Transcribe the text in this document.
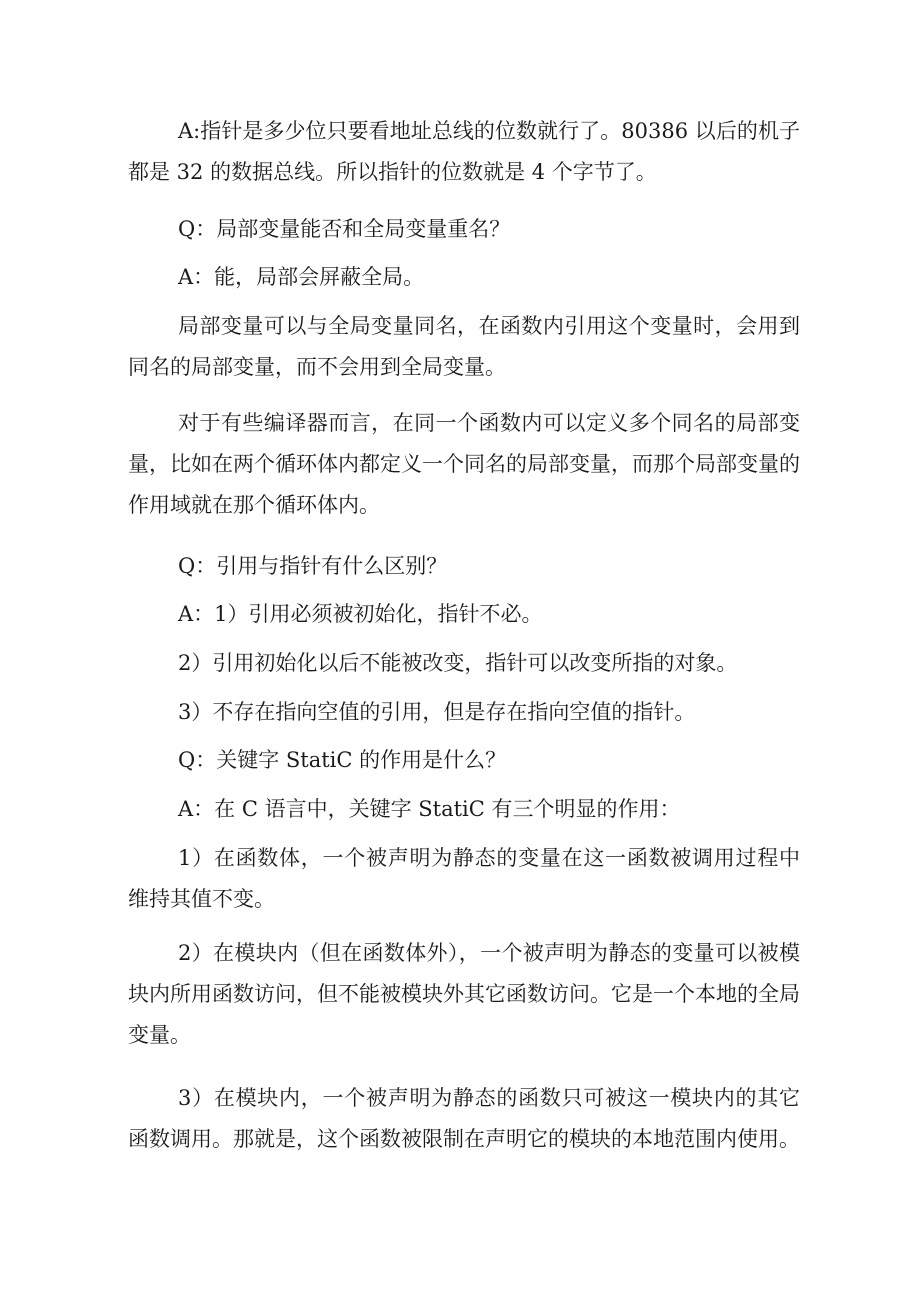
A:指针是多少位只要看地址总线的位数就行了。80386 以后的机子都是 32 的数据总线。所以指针的位数就是 4 个字节了。

Q：局部变量能否和全局变量重名？

A：能，局部会屏蔽全局。

局部变量可以与全局变量同名，在函数内引用这个变量时，会用到同名的局部变量，而不会用到全局变量。

对于有些编译器而言，在同一个函数内可以定义多个同名的局部变量，比如在两个循环体内都定义一个同名的局部变量，而那个局部变量的作用域就在那个循环体内。

Q：引用与指针有什么区别？

A：1）引用必须被初始化，指针不必。

2）引用初始化以后不能被改变，指针可以改变所指的对象。

3）不存在指向空值的引用，但是存在指向空值的指针。

Q：关键字 StatiC 的作用是什么？

A：在 C 语言中，关键字 StatiC 有三个明显的作用：

1）在函数体，一个被声明为静态的变量在这一函数被调用过程中维持其值不变。

2）在模块内（但在函数体外），一个被声明为静态的变量可以被模块内所用函数访问，但不能被模块外其它函数访问。它是一个本地的全局变量。

3）在模块内，一个被声明为静态的函数只可被这一模块内的其它函数调用。那就是，这个函数被限制在声明它的模块的本地范围内使用。
